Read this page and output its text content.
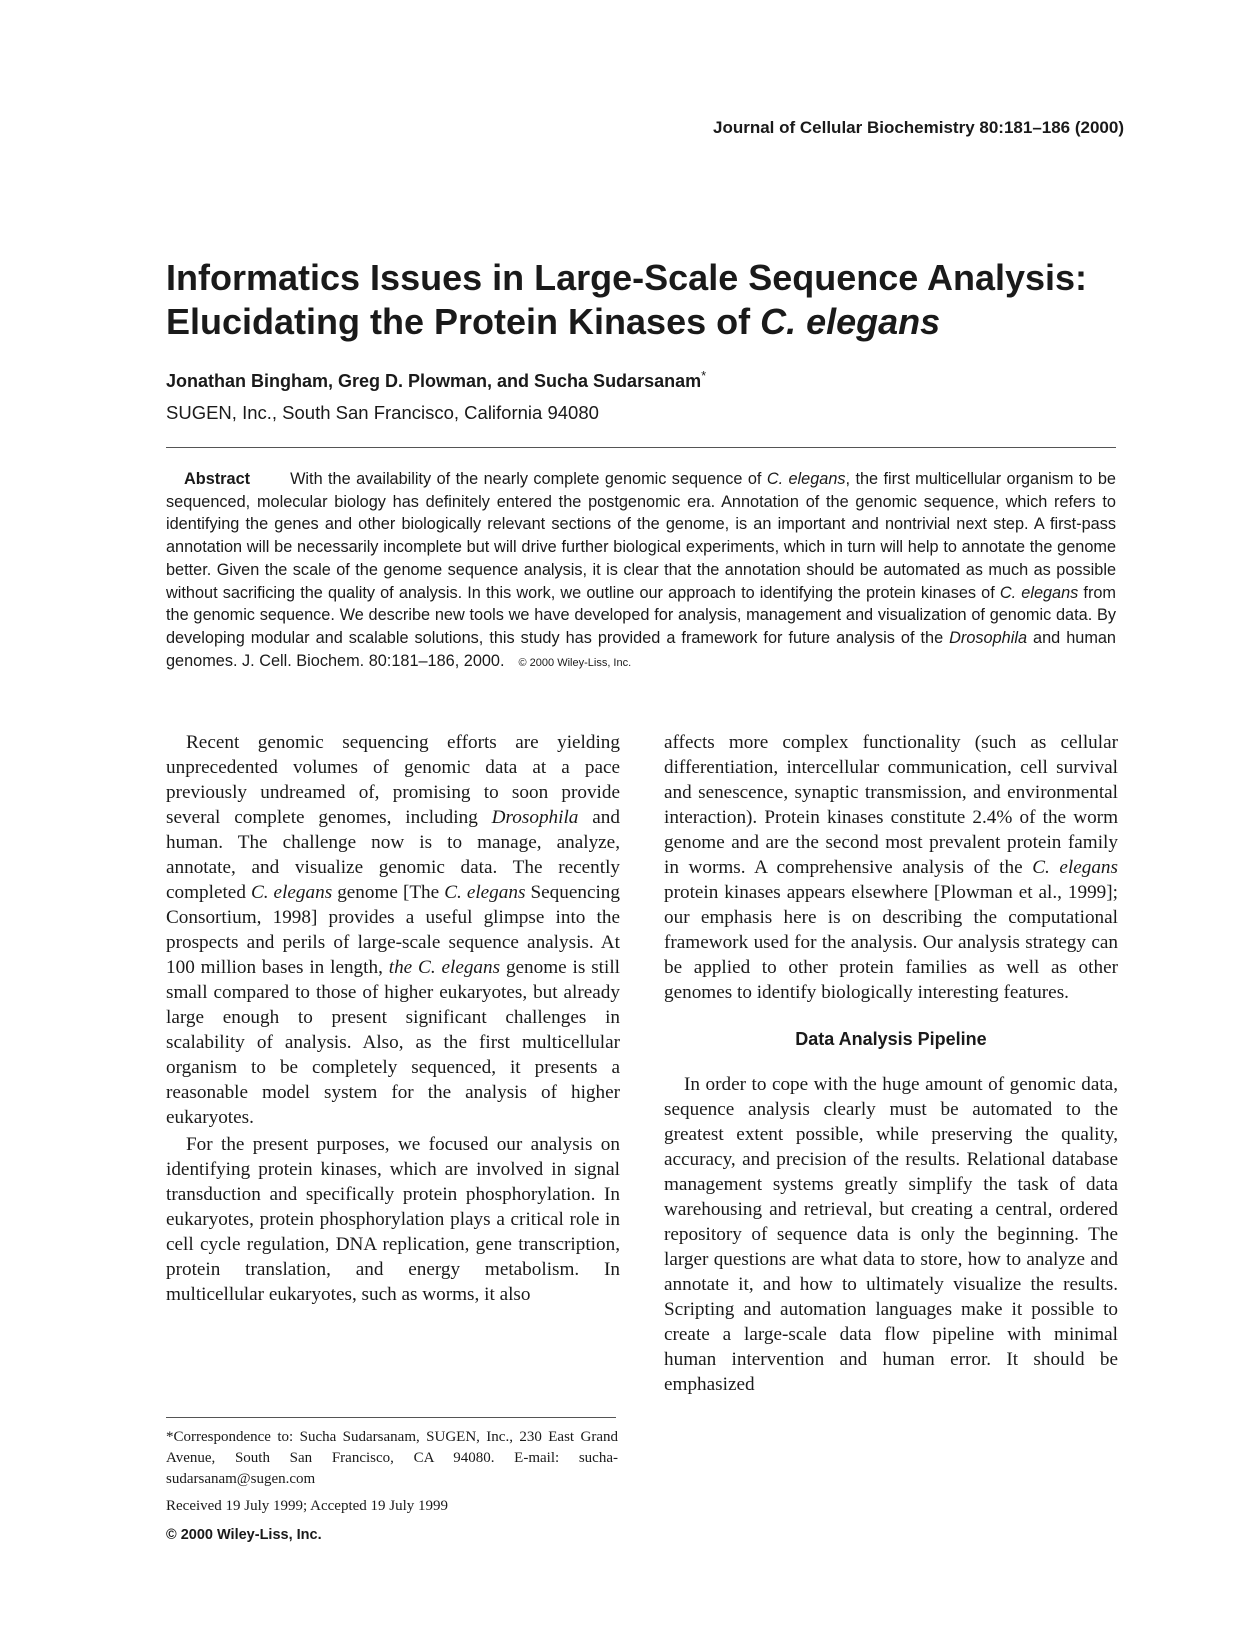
Journal of Cellular Biochemistry 80:181–186 (2000)
Informatics Issues in Large-Scale Sequence Analysis:
Elucidating the Protein Kinases of C. elegans
Jonathan Bingham, Greg D. Plowman, and Sucha Sudarsanam*
SUGEN, Inc., South San Francisco, California 94080

Abstract With the availability of the nearly complete genomic sequence of C. elegans, the first multicellular organism to be sequenced, molecular biology has definitely entered the postgenomic era. Annotation of the genomic sequence, which refers to identifying the genes and other biologically relevant sections of the genome, is an important and nontrivial next step. A first-pass annotation will be necessarily incomplete but will drive further biological experiments, which in turn will help to annotate the genome better. Given the scale of the genome sequence analysis, it is clear that the annotation should be automated as much as possible without sacrificing the quality of analysis. In this work, we outline our approach to identifying the protein kinases of C. elegans from the genomic sequence. We describe new tools we have developed for analysis, management and visualization of genomic data. By developing modular and scalable solutions, this study has provided a framework for future analysis of the Drosophila and human genomes. J. Cell. Biochem. 80:181–186, 2000. © 2000 Wiley-Liss, Inc.

Recent genomic sequencing efforts are yielding unprecedented volumes of genomic data at a pace previously undreamed of, promising to soon provide several complete genomes, including Drosophila and human. The challenge now is to manage, analyze, annotate, and visualize genomic data. The recently completed C. elegans genome [The C. elegans Sequencing Consortium, 1998] provides a useful glimpse into the prospects and perils of large-scale sequence analysis. At 100 million bases in length, the C. elegans genome is still small compared to those of higher eukaryotes, but already large enough to present significant challenges in scalability of analysis. Also, as the first multicellular organism to be completely sequenced, it presents a reasonable model system for the analysis of higher eukaryotes.

For the present purposes, we focused our analysis on identifying protein kinases, which are involved in signal transduction and specifically protein phosphorylation. In eukaryotes, protein phosphorylation plays a critical role in cell cycle regulation, DNA replication, gene transcription, protein translation, and energy metabolism. In multicellular eukaryotes, such as worms, it also

affects more complex functionality (such as cellular differentiation, intercellular communication, cell survival and senescence, synaptic transmission, and environmental interaction). Protein kinases constitute 2.4% of the worm genome and are the second most prevalent protein family in worms. A comprehensive analysis of the C. elegans protein kinases appears elsewhere [Plowman et al., 1999]; our emphasis here is on describing the computational framework used for the analysis. Our analysis strategy can be applied to other protein families as well as other genomes to identify biologically interesting features.

Data Analysis Pipeline

In order to cope with the huge amount of genomic data, sequence analysis clearly must be automated to the greatest extent possible, while preserving the quality, accuracy, and precision of the results. Relational database management systems greatly simplify the task of data warehousing and retrieval, but creating a central, ordered repository of sequence data is only the beginning. The larger questions are what data to store, how to analyze and annotate it, and how to ultimately visualize the results. Scripting and automation languages make it possible to create a large-scale data flow pipeline with minimal human intervention and human error. It should be emphasized

*Correspondence to: Sucha Sudarsanam, SUGEN, Inc., 230 East Grand Avenue, South San Francisco, CA 94080. E-mail: sucha-sudarsanam@sugen.com

Received 19 July 1999; Accepted 19 July 1999

© 2000 Wiley-Liss, Inc.
